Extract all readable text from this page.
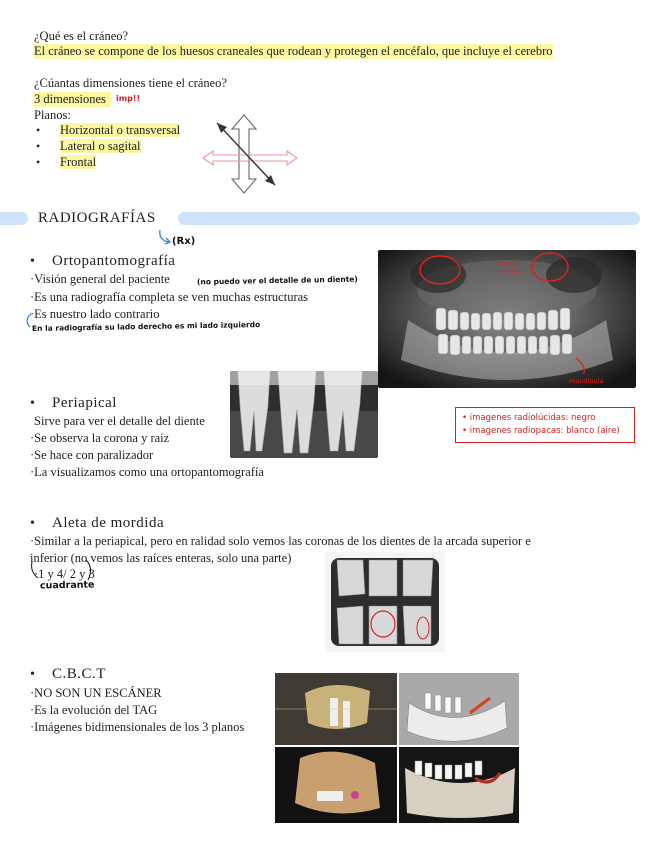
¿Qué es el cráneo?
El cráneo se compone de los huesos craneales que rodean y protegen el encéfalo, que incluye el cerebro
¿Cúantas dimensiones tiene el cráneo?
3 dimensiones	imp!!
Planos:
• Horizontal o transversal
• Lateral o sagital
• Frontal
RADIOGRAFÍAS
(Rx)
• Ortopantomografía
·Visión general del paciente	(no puedo ver el detalle de un diente)
·Es una radiografía completa se ven muchas estructuras
·Es nuestro lado contrario
En la radiografía su lado derecho es mi lado izquierdo
senos maxilares
mandíbula
• Periapical
Sirve para ver el detalle del diente
·Se observa la corona y raíz
·Se hace con paralizador
·La visualizamos como una ortopantomografía
• imagenes radiolúcidas: negro
• imagenes radiopacas: blanco (aire)
• Aleta de mordida
·Similar a la periapical, pero en ralidad solo vemos las coronas de los dientes de la arcada superior e
inferior (no vemos las raíces enteras, solo una parte)
·1 y 4/ 2 y 3
cuadrante
• C.B.C.T
·NO SON UN ESCÁNER
·Es la evolución del TAG
·Imágenes bidimensionales de los 3 planos
